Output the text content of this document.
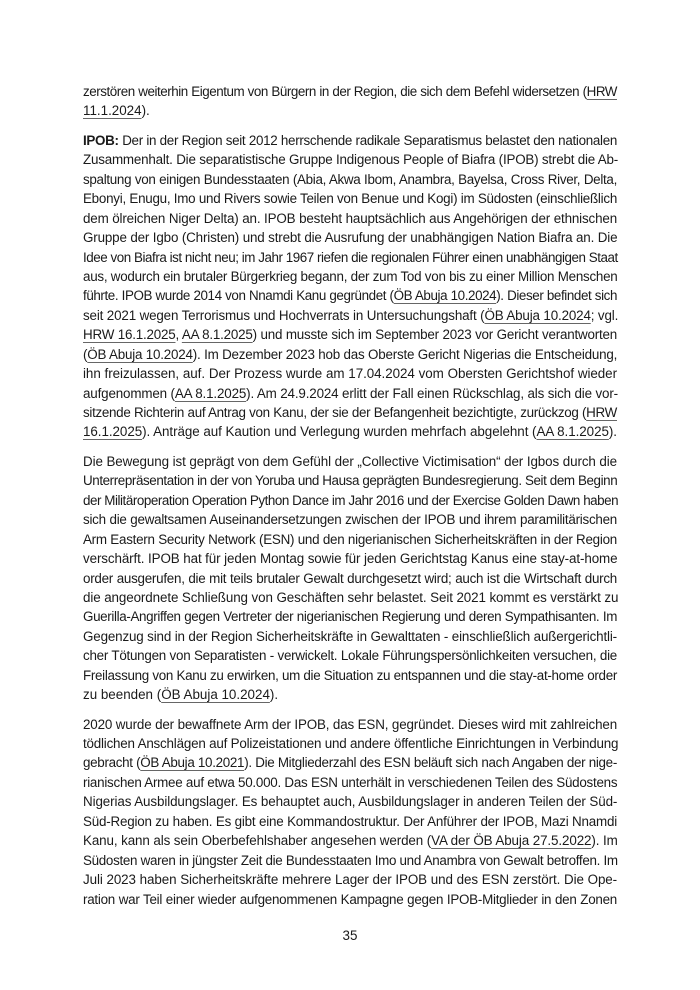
zerstören weiterhin Eigentum von Bürgern in der Region, die sich dem Befehl widersetzen (HRW
11.1.2024).
IPOB: Der in der Region seit 2012 herrschende radikale Separatismus belastet den nationalen
Zusammenhalt. Die separatistische Gruppe Indigenous People of Biafra (IPOB) strebt die Ab-
spaltung von einigen Bundesstaaten (Abia, Akwa Ibom, Anambra, Bayelsa, Cross River, Delta,
Ebonyi, Enugu, Imo und Rivers sowie Teilen von Benue und Kogi) im Südosten (einschließlich
dem ölreichen Niger Delta) an. IPOB besteht hauptsächlich aus Angehörigen der ethnischen
Gruppe der Igbo (Christen) und strebt die Ausrufung der unabhängigen Nation Biafra an. Die
Idee von Biafra ist nicht neu; im Jahr 1967 riefen die regionalen Führer einen unabhängigen Staat
aus, wodurch ein brutaler Bürgerkrieg begann, der zum Tod von bis zu einer Million Menschen
führte. IPOB wurde 2014 von Nnamdi Kanu gegründet (ÖB Abuja 10.2024). Dieser befindet sich
seit 2021 wegen Terrorismus und Hochverrats in Untersuchungshaft (ÖB Abuja 10.2024; vgl.
HRW 16.1.2025, AA 8.1.2025) und musste sich im September 2023 vor Gericht verantworten
(ÖB Abuja 10.2024). Im Dezember 2023 hob das Oberste Gericht Nigerias die Entscheidung,
ihn freizulassen, auf. Der Prozess wurde am 17.04.2024 vom Obersten Gerichtshof wieder
aufgenommen (AA 8.1.2025). Am 24.9.2024 erlitt der Fall einen Rückschlag, als sich die vor-
sitzende Richterin auf Antrag von Kanu, der sie der Befangenheit bezichtigte, zurückzog (HRW
16.1.2025). Anträge auf Kaution und Verlegung wurden mehrfach abgelehnt (AA 8.1.2025).
Die Bewegung ist geprägt von dem Gefühl der „Collective Victimisation“ der Igbos durch die
Unterrepräsentation in der von Yoruba und Hausa geprägten Bundesregierung. Seit dem Beginn
der Militäroperation Operation Python Dance im Jahr 2016 und der Exercise Golden Dawn haben
sich die gewaltsamen Auseinandersetzungen zwischen der IPOB und ihrem paramilitärischen
Arm Eastern Security Network (ESN) und den nigerianischen Sicherheitskräften in der Region
verschärft. IPOB hat für jeden Montag sowie für jeden Gerichtstag Kanus eine stay-at-home
order ausgerufen, die mit teils brutaler Gewalt durchgesetzt wird; auch ist die Wirtschaft durch
die angeordnete Schließung von Geschäften sehr belastet. Seit 2021 kommt es verstärkt zu
Guerilla-Angriffen gegen Vertreter der nigerianischen Regierung und deren Sympathisanten. Im
Gegenzug sind in der Region Sicherheitskräfte in Gewalttaten - einschließlich außergerichtli-
cher Tötungen von Separatisten - verwickelt. Lokale Führungspersönlichkeiten versuchen, die
Freilassung von Kanu zu erwirken, um die Situation zu entspannen und die stay-at-home order
zu beenden (ÖB Abuja 10.2024).
2020 wurde der bewaffnete Arm der IPOB, das ESN, gegründet. Dieses wird mit zahlreichen
tödlichen Anschlägen auf Polizeistationen und andere öffentliche Einrichtungen in Verbindung
gebracht (ÖB Abuja 10.2021). Die Mitgliederzahl des ESN beläuft sich nach Angaben der nige-
rianischen Armee auf etwa 50.000. Das ESN unterhält in verschiedenen Teilen des Südostens
Nigerias Ausbildungslager. Es behauptet auch, Ausbildungslager in anderen Teilen der Süd-
Süd-Region zu haben. Es gibt eine Kommandostruktur. Der Anführer der IPOB, Mazi Nnamdi
Kanu, kann als sein Oberbefehlshaber angesehen werden (VA der ÖB Abuja 27.5.2022). Im
Südosten waren in jüngster Zeit die Bundesstaaten Imo und Anambra von Gewalt betroffen. Im
Juli 2023 haben Sicherheitskräfte mehrere Lager der IPOB und des ESN zerstört. Die Ope-
ration war Teil einer wieder aufgenommenen Kampagne gegen IPOB-Mitglieder in den Zonen
35
